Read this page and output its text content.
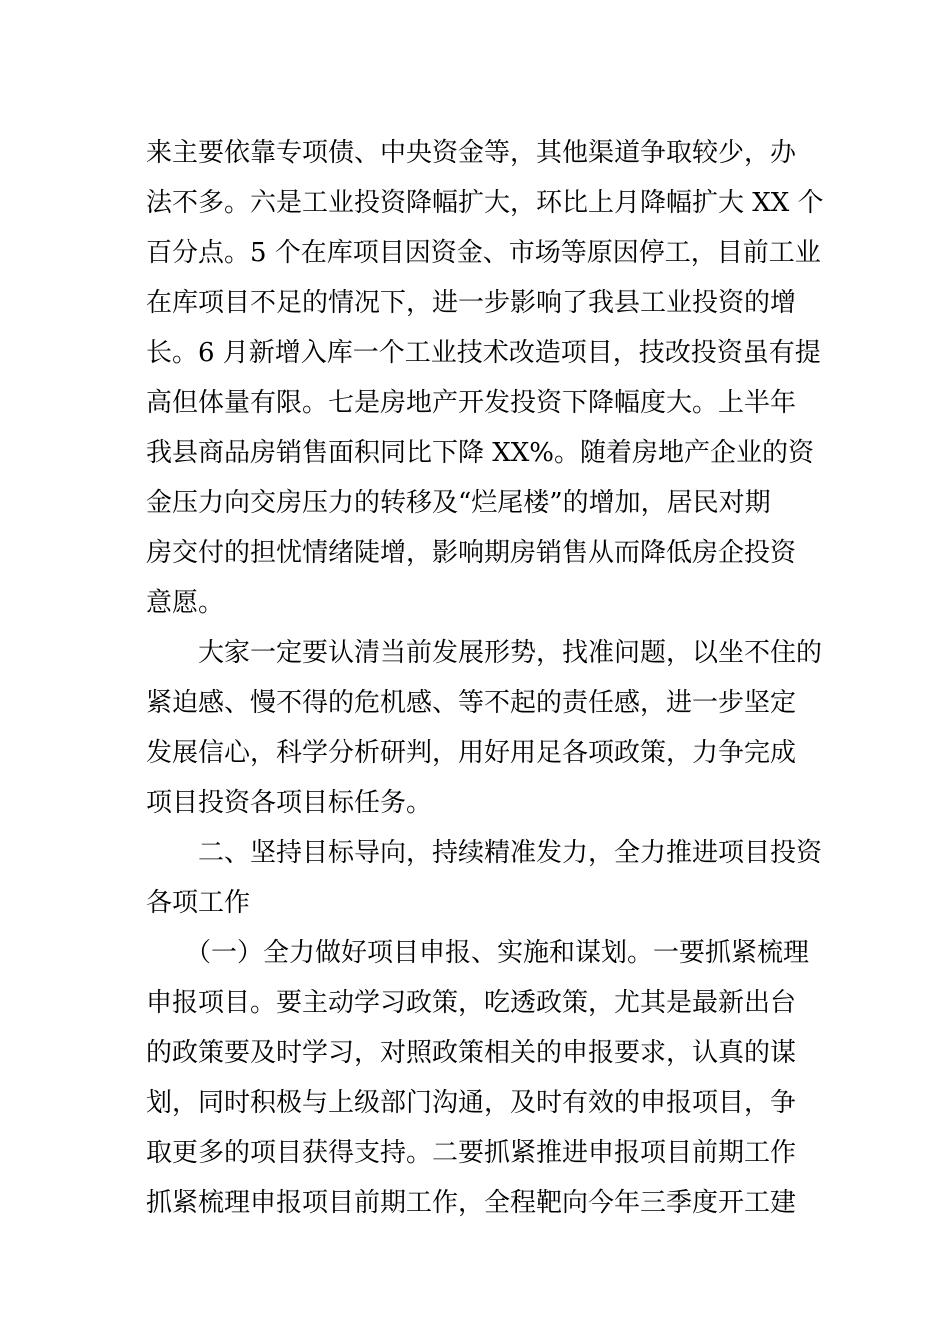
来主要依靠专项债、中央资金等，其他渠道争取较少，办
法不多。六是工业投资降幅扩大，环比上月降幅扩大 XX 个
百分点。5 个在库项目因资金、市场等原因停工，目前工业
在库项目不足的情况下，进一步影响了我县工业投资的增
长。6 月新增入库一个工业技术改造项目，技改投资虽有提
高但体量有限。七是房地产开发投资下降幅度大。上半年
我县商品房销售面积同比下降 XX%。随着房地产企业的资
金压力向交房压力的转移及“烂尾楼”的增加，居民对期
房交付的担忧情绪陡增，影响期房销售从而降低房企投资
意愿。
　　大家一定要认清当前发展形势，找准问题，以坐不住的
紧迫感、慢不得的危机感、等不起的责任感，进一步坚定
发展信心，科学分析研判，用好用足各项政策，力争完成
项目投资各项目标任务。
　　二、坚持目标导向，持续精准发力，全力推进项目投资
各项工作
　　（一）全力做好项目申报、实施和谋划。一要抓紧梳理
申报项目。要主动学习政策，吃透政策，尤其是最新出台
的政策要及时学习，对照政策相关的申报要求，认真的谋
划，同时积极与上级部门沟通，及时有效的申报项目，争
取更多的项目获得支持。二要抓紧推进申报项目前期工作
抓紧梳理申报项目前期工作，全程靶向今年三季度开工建
